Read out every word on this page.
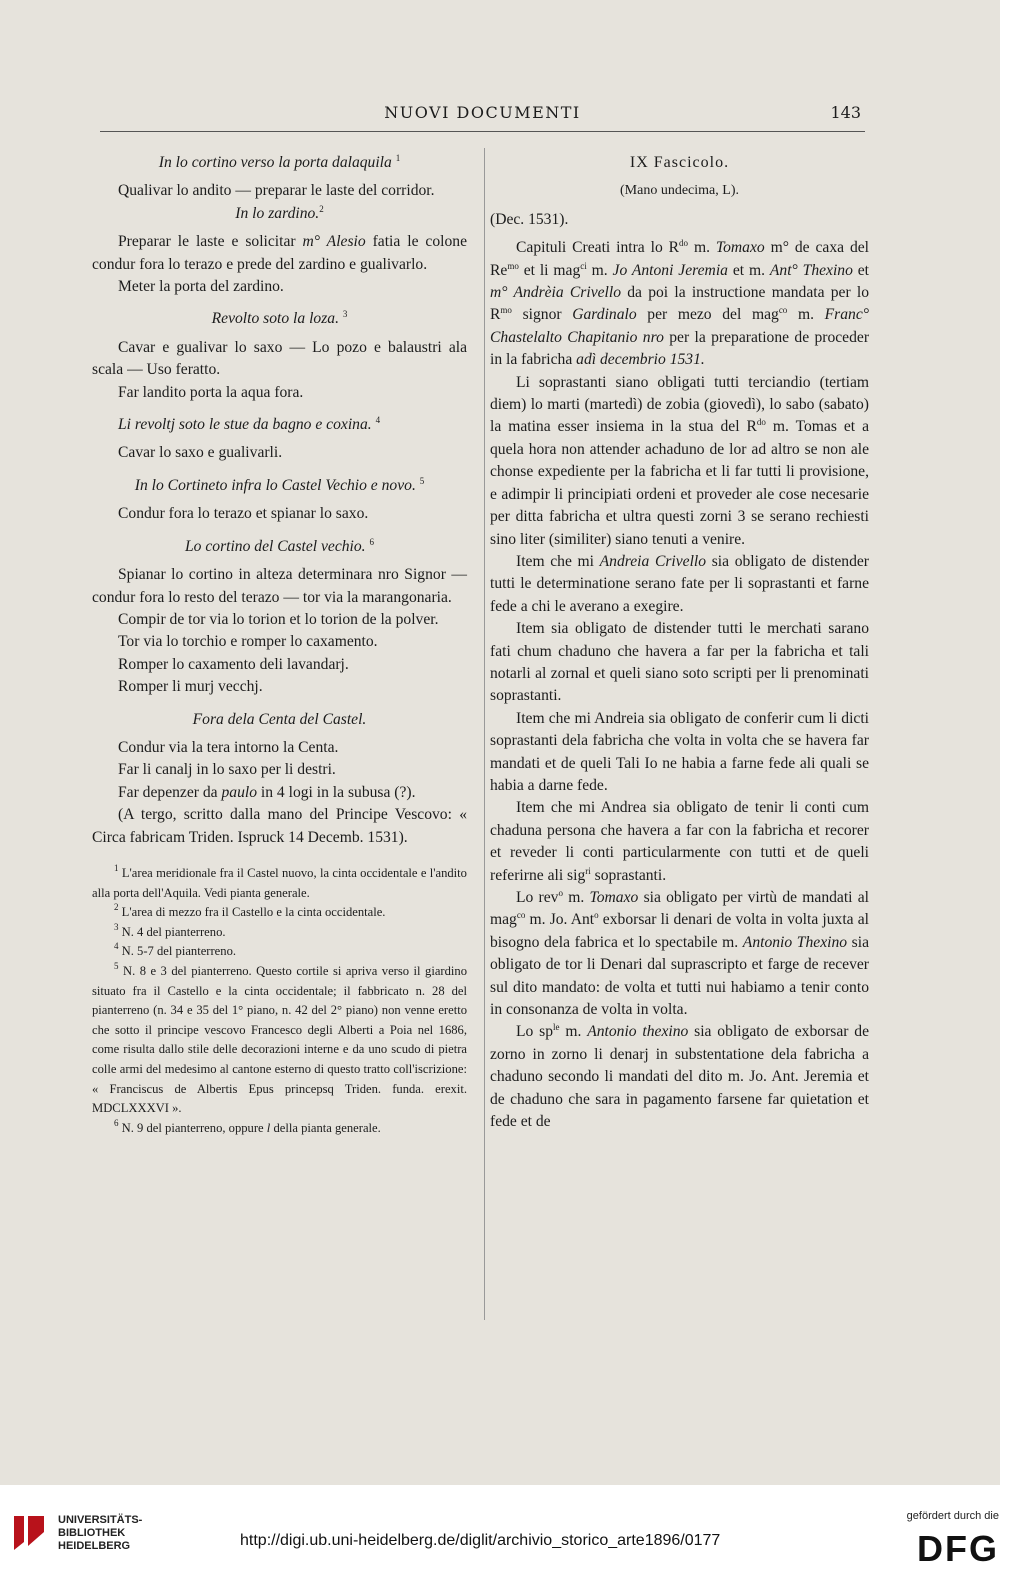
NUOVI DOCUMENTI	143

In lo cortino verso la porta dalaquila $^1$

Qualivar lo andito — preparar le laste del corridor.

In lo zardino.$^2$

Preparar le laste e solicitar m° Alesio fatia le colone condur fora lo terazo e prede del zardino e gualivarlo.

Meter la porta del zardino.

Revolto soto la loza. $^3$

Cavar e gualivar lo saxo — Lo pozo e balaustri ala scala — Uso feratto.

Far landito porta la aqua fora.

Li revoltj soto le stue da bagno e coxina. $^4$

Cavar lo saxo e gualivarli.

In lo Cortineto infra lo Castel Vechio e novo. $^5$

Condur fora lo terazo et spianar lo saxo.

Lo cortino del Castel vechio. $^6$

Spianar lo cortino in alteza determinara nro Signor — condur fora lo resto del terazo — tor via la marangonaria.

Compir de tor via lo torion et lo torion de la polver.

Tor via lo torchio e romper lo caxamento.

Romper lo caxamento deli lavandarj.

Romper li murj vecchj.

Fora dela Centa del Castel.

Condur via la tera intorno la Centa.

Far li canalj in lo saxo per li destri.

Far depenzer da paulo in 4 logi in la subusa (?).

(A tergo, scritto dalla mano del Principe Vescovo: « Circa fabricam Triden. Ispruck 14 Decemb. 1531).

$^1$ L'area meridionale fra il Castel nuovo, la cinta occidentale e l'andito alla porta dell'Aquila. Vedi pianta generale.

$^2$ L'area di mezzo fra il Castello e la cinta occidentale.

$^3$ N. 4 del pianterreno.

$^4$ N. 5-7 del pianterreno.

$^5$ N. 8 e 3 del pianterreno. Questo cortile si apriva verso il giardino situato fra il Castello e la cinta occidentale; il fabbricato n. 28 del pianterreno (n. 34 e 35 del 1° piano, n. 42 del 2° piano) non venne eretto che sotto il principe vescovo Francesco degli Alberti a Poia nel 1686, come risulta dallo stile delle decorazioni interne e da uno scudo di pietra colle armi del medesimo al cantone esterno di questo tratto coll'iscrizione: « Franciscus de Albertis Epus princepsq Triden. funda. erexit. MDCLXXXVI ».

$^6$ N. 9 del pianterreno, oppure l della pianta generale.

IX Fascicolo.

(Mano undecima, L).

(Dec. 1531).

Capituli Creati intra lo $R^{do}$ m. Tomaxo m° de caxa del $Re^{mo}$ et li mag$^{ci}$ m. Jo Antoni Jeremia et m. Ant° Thexino et m° Andrèia Crivello da poi la instructione mandata per lo $R^{mo}$ signor Gardinalo per mezo del mag$^{co}$ m. Franc° Chastelalto Chapitanio nro per la preparatione de proceder in la fabricha adì decembrio 1531.

Li soprastanti siano obligati tutti terciandio (tertiam diem) lo marti (martedì) de zobia (giovedì), lo sabo (sabato) la matina esser insiema in la stua del $R^{do}$ m. Tomas et a quela hora non attender achaduno de lor ad altro se non ale chonse expediente per la fabricha et li far tutti li provisione, e adimpir li principiati ordeni et proveder ale cose necesarie per ditta fabricha et ultra questi zorni 3 se serano rechiesti sino liter (similiter) siano tenuti a venire.

Item che mi Andreia Crivello sia obligato de distender tutti le determinatione serano fate per li soprastanti et farne fede a chi le averano a exegire.

Item sia obligato de distender tutti le merchati sarano fati chum chaduno che havera a far per la fabricha et tali notarli al zornal et queli siano soto scripti per li prenominati soprastanti.

Item che mi Andreia sia obligato de conferir cum li dicti soprastanti dela fabricha che volta in volta che se havera far mandati et de queli Tali Io ne habia a farne fede ali quali se habia a darne fede.

Item che mi Andrea sia obligato de tenir li conti cum chaduna persona che havera a far con la fabricha et recorer et reveder li conti particularmente con tutti et de queli referirne ali sig$^{ri}$ soprastanti.

Lo rev$^o$ m. Tomaxo sia obligato per virtù de mandati al mag$^{co}$ m. Jo. Ant$^o$ exborsar li denari de volta in volta juxta al bisogno dela fabrica et lo spectabile m. Antonio Thexino sia obligato de tor li Denari dal suprascripto et farge de recever sul dito mandato: de volta et tutti nui habiamo a tenir conto in consonanza de volta in volta.

Lo $sp^{le}$ m. Antonio thexino sia obligato de exborsar de zorno in zorno li denarj in substentatione dela fabricha a chaduno secondo li mandati del dito m. Jo. Ant. Jeremia et de chaduno che sara in pagamento farsene far quietation et fede et de

UNIVERSITÄTS-
BIBLIOTHEK
HEIDELBERG	http://digi.ub.uni-heidelberg.de/diglit/archivio_storico_arte1896/0177
gefördert durch die
DFG
